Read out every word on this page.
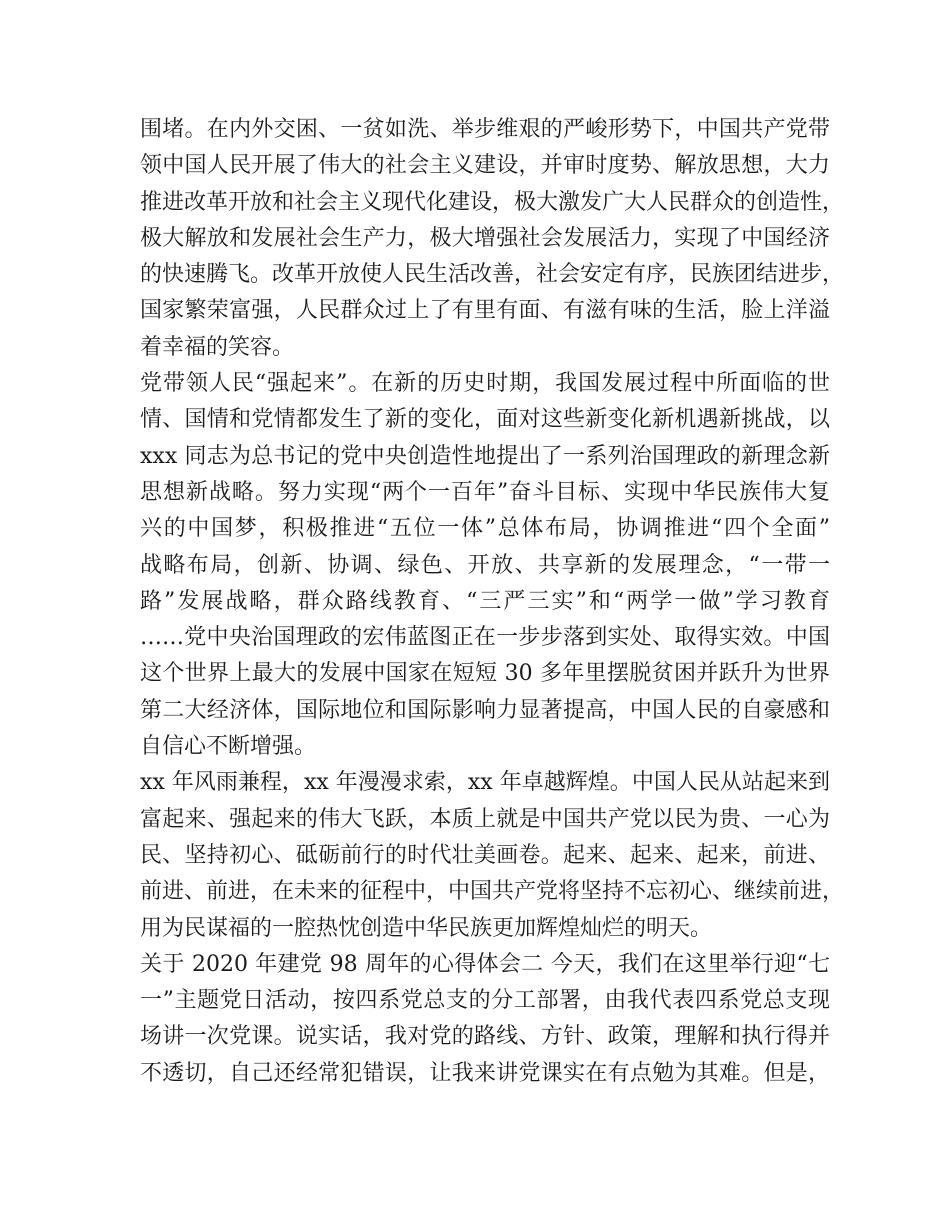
围堵。在内外交困、一贫如洗、举步维艰的严峻形势下，中国共产党带
领中国人民开展了伟大的社会主义建设，并审时度势、解放思想，大力
推进改革开放和社会主义现代化建设，极大激发广大人民群众的创造性，
极大解放和发展社会生产力，极大增强社会发展活力，实现了中国经济
的快速腾飞。改革开放使人民生活改善，社会安定有序，民族团结进步，
国家繁荣富强，人民群众过上了有里有面、有滋有味的生活，脸上洋溢
着幸福的笑容。
党带领人民“强起来”。在新的历史时期，我国发展过程中所面临的世
情、国情和党情都发生了新的变化，面对这些新变化新机遇新挑战，以
xxx 同志为总书记的党中央创造性地提出了一系列治国理政的新理念新
思想新战略。努力实现“两个一百年”奋斗目标、实现中华民族伟大复
兴的中国梦，积极推进“五位一体”总体布局，协调推进“四个全面”
战略布局，创新、协调、绿色、开放、共享新的发展理念，“一带一
路”发展战略，群众路线教育、“三严三实”和“两学一做”学习教育
……党中央治国理政的宏伟蓝图正在一步步落到实处、取得实效。中国
这个世界上最大的发展中国家在短短 30 多年里摆脱贫困并跃升为世界
第二大经济体，国际地位和国际影响力显著提高，中国人民的自豪感和
自信心不断增强。
xx 年风雨兼程，xx 年漫漫求索，xx 年卓越辉煌。中国人民从站起来到
富起来、强起来的伟大飞跃，本质上就是中国共产党以民为贵、一心为
民、坚持初心、砥砺前行的时代壮美画卷。起来、起来、起来，前进、
前进、前进，在未来的征程中，中国共产党将坚持不忘初心、继续前进，
用为民谋福的一腔热忱创造中华民族更加辉煌灿烂的明天。
关于 2020 年建党 98 周年的心得体会二 今天，我们在这里举行迎“七
一”主题党日活动，按四系党总支的分工部署，由我代表四系党总支现
场讲一次党课。说实话，我对党的路线、方针、政策，理解和执行得并
不透切，自己还经常犯错误，让我来讲党课实在有点勉为其难。但是，
